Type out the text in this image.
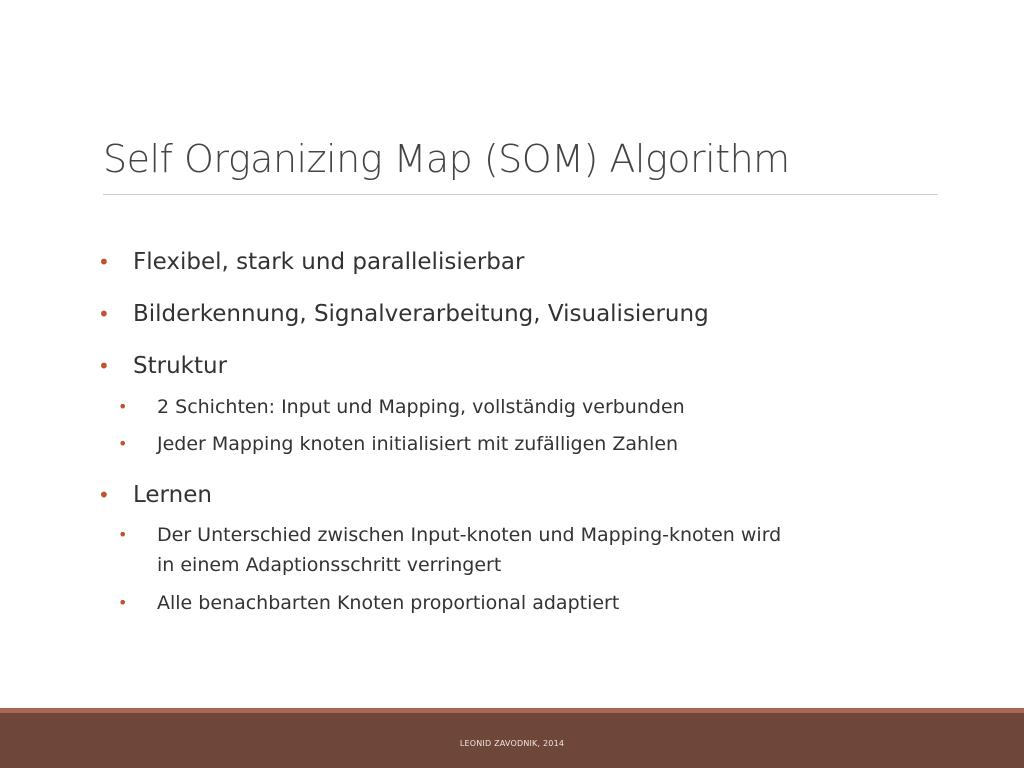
Self Organizing Map (SOM) Algorithm
• Flexibel, stark und parallelisierbar
• Bilderkennung, Signalverarbeitung, Visualisierung
• Struktur
• 2 Schichten: Input und Mapping, vollständig verbunden
• Jeder Mapping knoten initialisiert mit zufälligen Zahlen
• Lernen
• Der Unterschied zwischen Input-knoten und Mapping-knoten wird
in einem Adaptionsschritt verringert
• Alle benachbarten Knoten proportional adaptiert
LEONID ZAVODNIK, 2014
